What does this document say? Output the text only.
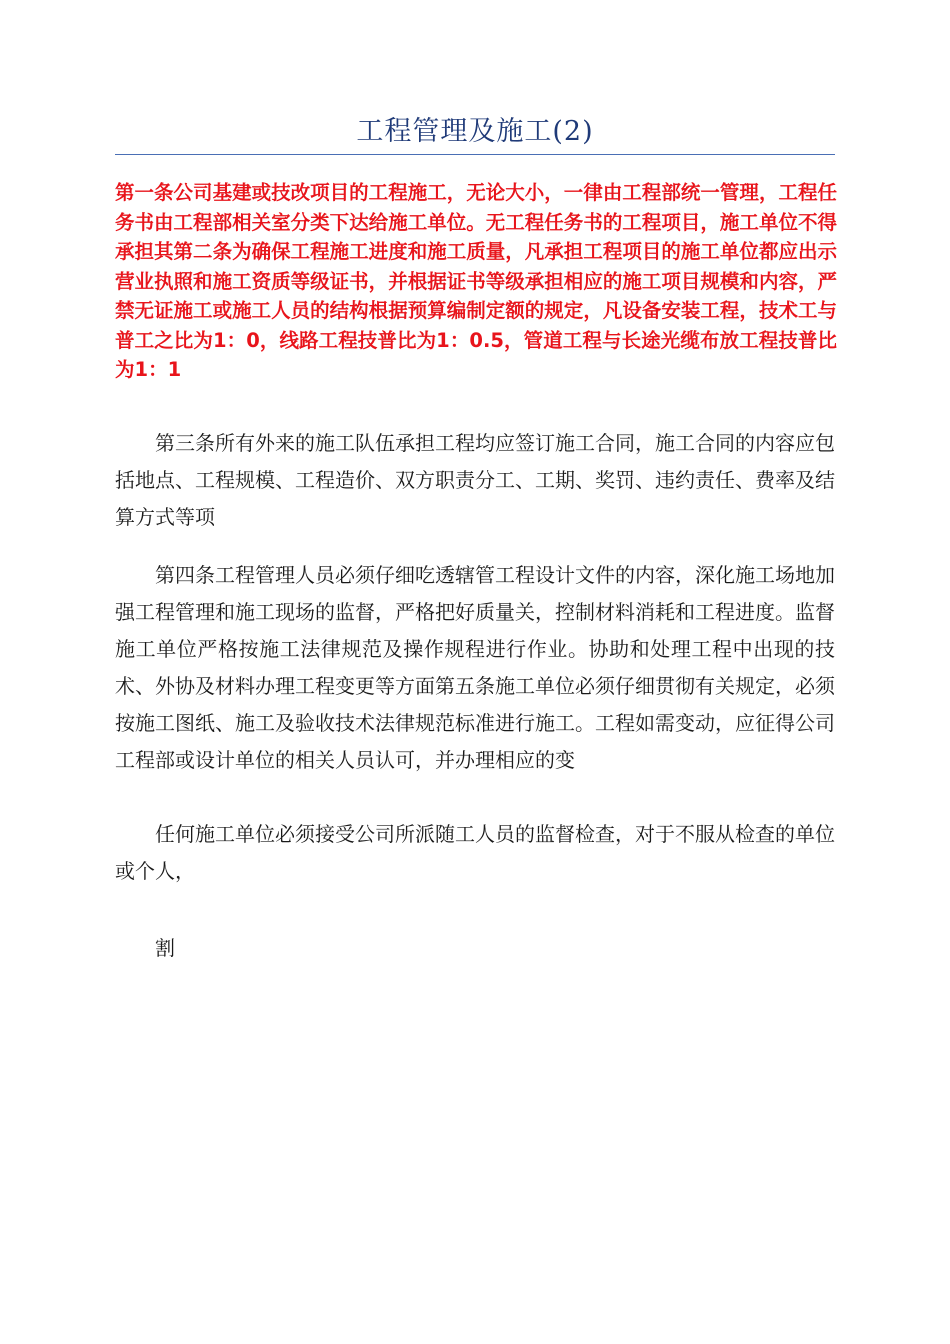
工程管理及施工(2)
第一条公司基建或技改项目的工程施工，无论大小，一律由工程部统一管理，工程任务书由工程部相关室分类下达给施工单位。无工程任务书的工程项目，施工单位不得承担其第二条为确保工程施工进度和施工质量，凡承担工程项目的施工单位都应出示营业执照和施工资质等级证书，并根据证书等级承担相应的施工项目规模和内容，严禁无证施工或施工人员的结构根据预算编制定额的规定，凡设备安装工程，技术工与普工之比为1：0，线路工程技普比为1：0.5，管道工程与长途光缆布放工程技普比为1：1

第三条所有外来的施工队伍承担工程均应签订施工合同，施工合同的内容应包括地点、工程规模、工程造价、双方职责分工、工期、奖罚、违约责任、费率及结算方式等项

第四条工程管理人员必须仔细吃透辖管工程设计文件的内容，深化施工场地加强工程管理和施工现场的监督，严格把好质量关，控制材料消耗和工程进度。监督施工单位严格按施工法律规范及操作规程进行作业。协助和处理工程中出现的技术、外协及材料办理工程变更等方面第五条施工单位必须仔细贯彻有关规定，必须按施工图纸、施工及验收技术法律规范标准进行施工。工程如需变动，应征得公司工程部或设计单位的相关人员认可，并办理相应的变

任何施工单位必须接受公司所派随工人员的监督检查，对于不服从检查的单位或个人，

割
